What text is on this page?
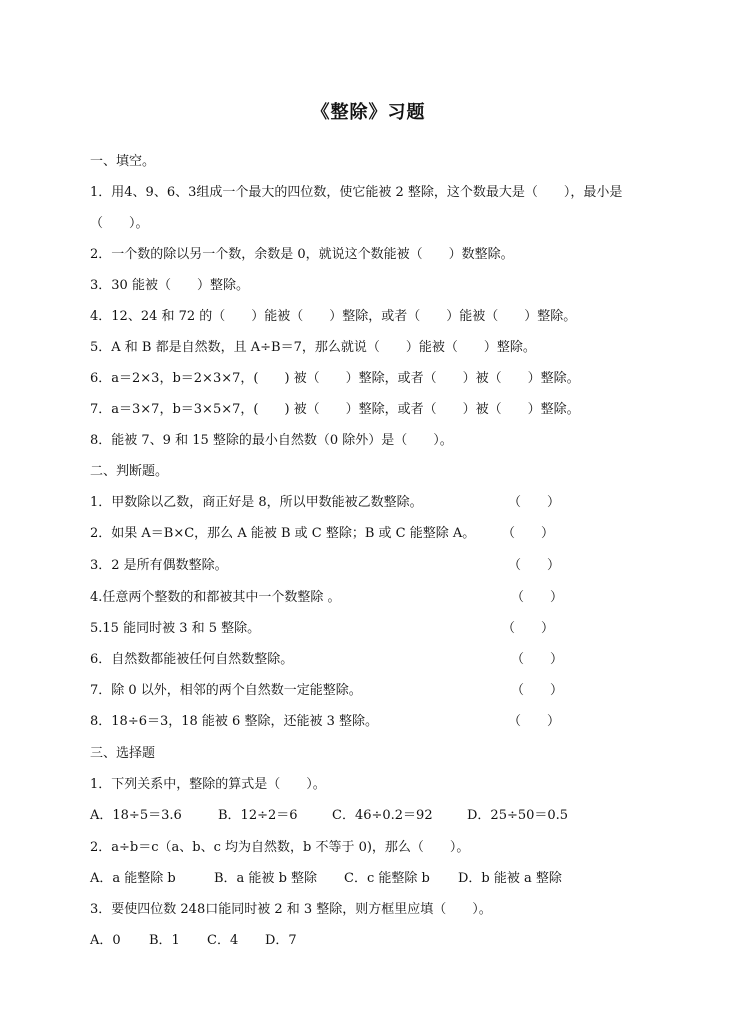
《整除》习题
一、填空。
1．用4、9、6、3组成一个最大的四位数，使它能被 2 整除，这个数最大是（　　），最小是
（　　）。
2．一个数的除以另一个数，余数是 0，就说这个数能被（　　）数整除。
3．30 能被（　　）整除。
4．12、24 和 72 的（　　）能被（　　）整除，或者（　　）能被（　　）整除。
5．A 和 B 都是自然数，且 A÷B＝7，那么就说（　　）能被（　　）整除。
6．a＝2×3，b＝2×3×7，(　　) 被（　　）整除，或者（　　）被（　　）整除。
7．a＝3×7，b＝3×5×7，(　　) 被（　　）整除，或者（　　）被（　　）整除。
8．能被 7、9 和 15 整除的最小自然数（0 除外）是（　　）。
二、判断题。
1．甲数除以乙数，商正好是 8，所以甲数能被乙数整除。	（　　）
2．如果 A＝B×C，那么 A 能被 B 或 C 整除；B 或 C 能整除 A。 （　　）
3．2 是所有偶数整除。	（　　）
4.任意两个整数的和都被其中一个数整除 。	（　　）
5.15 能同时被 3 和 5 整除。	（　　）
6．自然数都能被任何自然数整除。	（　　）
7．除 0 以外，相邻的两个自然数一定能整除。	（　　）
8．18÷6＝3，18 能被 6 整除，还能被 3 整除。	（　　）
三、选择题
1．下列关系中，整除的算式是（　　）。
A．18÷5＝3.6	B．12÷2＝6	C．46÷0.2＝92	D．25÷50＝0.5
2．a÷b＝c（a、b、c 均为自然数，b 不等于 0)，那么（　　）。
A．a 能整除 b	B．a 能被 b 整除 C．c 能整除 b D．b 能被 a 整除
3．要使四位数 248口能同时被 2 和 3 整除，则方框里应填（　　）。
A．0 B．1 C．4 D．7
